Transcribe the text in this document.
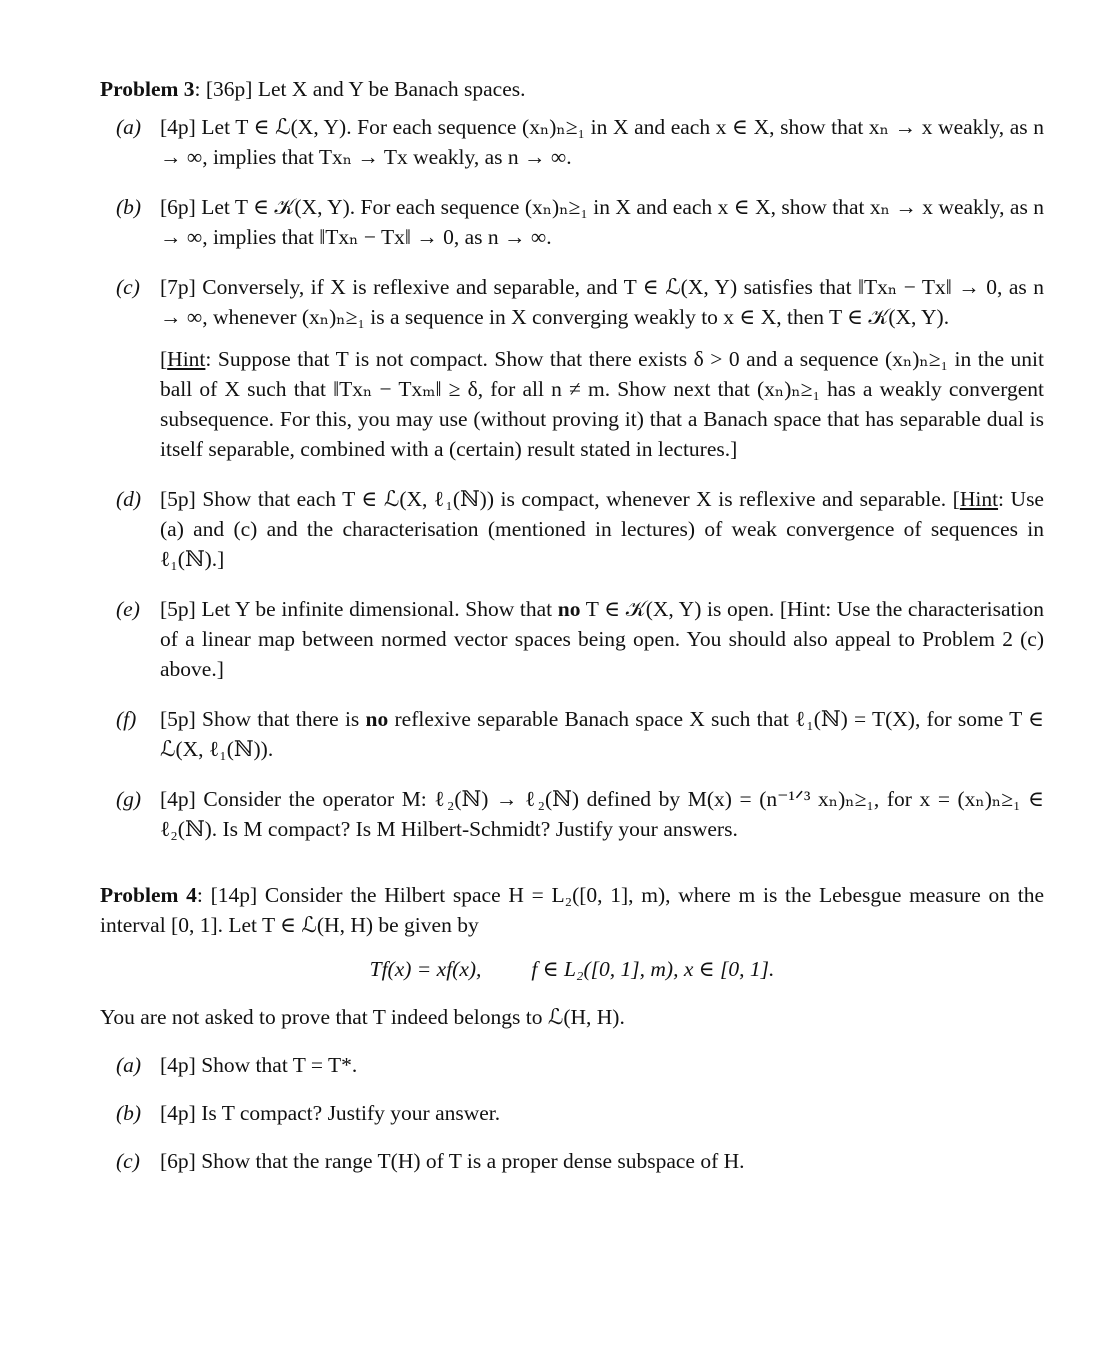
Problem 3: [36p] Let X and Y be Banach spaces.
(a) [4p] Let T ∈ ℒ(X, Y). For each sequence (xₙ)ₙ≥₁ in X and each x ∈ X, show that xₙ → x weakly, as n → ∞, implies that Txₙ → Tx weakly, as n → ∞.
(b) [6p] Let T ∈ 𝒦(X, Y). For each sequence (xₙ)ₙ≥₁ in X and each x ∈ X, show that xₙ → x weakly, as n → ∞, implies that ‖Txₙ − Tx‖ → 0, as n → ∞.
(c) [7p] Conversely, if X is reflexive and separable, and T ∈ ℒ(X, Y) satisfies that ‖Txₙ − Tx‖ → 0, as n → ∞, whenever (xₙ)ₙ≥₁ is a sequence in X converging weakly to x ∈ X, then T ∈ 𝒦(X, Y).
[Hint: Suppose that T is not compact. Show that there exists δ > 0 and a sequence (xₙ)ₙ≥₁ in the unit ball of X such that ‖Txₙ − Txₘ‖ ≥ δ, for all n ≠ m. Show next that (xₙ)ₙ≥₁ has a weakly convergent subsequence. For this, you may use (without proving it) that a Banach space that has separable dual is itself separable, combined with a (certain) result stated in lectures.]
(d) [5p] Show that each T ∈ ℒ(X, ℓ₁(ℕ)) is compact, whenever X is reflexive and separable. [Hint: Use (a) and (c) and the characterisation (mentioned in lectures) of weak convergence of sequences in ℓ₁(ℕ).]
(e) [5p] Let Y be infinite dimensional. Show that no T ∈ 𝒦(X, Y) is open. [Hint: Use the characterisation of a linear map between normed vector spaces being open. You should also appeal to Problem 2 (c) above.]
(f)	[5p] Show that there is no reflexive separable Banach space X such that ℓ₁(ℕ) = T(X), for some T ∈ ℒ(X, ℓ₁(ℕ)).
(g) [4p] Consider the operator M: ℓ₂(ℕ) → ℓ₂(ℕ) defined by M(x) = (n⁻¹ᐟ³ xₙ)ₙ≥₁, for x = (xₙ)ₙ≥₁ ∈ ℓ₂(ℕ). Is M compact? Is M Hilbert-Schmidt? Justify your answers.
Problem 4: [14p] Consider the Hilbert space H = L₂([0, 1], m), where m is the Lebesgue measure on the interval [0, 1]. Let T ∈ ℒ(H, H) be given by
Tf(x) = xf(x), f ∈ L₂([0, 1], m), x ∈ [0, 1].
You are not asked to prove that T indeed belongs to ℒ(H, H).
(a) [4p] Show that T = T*.
(b) [4p] Is T compact? Justify your answer.
(c) [6p] Show that the range T(H) of T is a proper dense subspace of H.
